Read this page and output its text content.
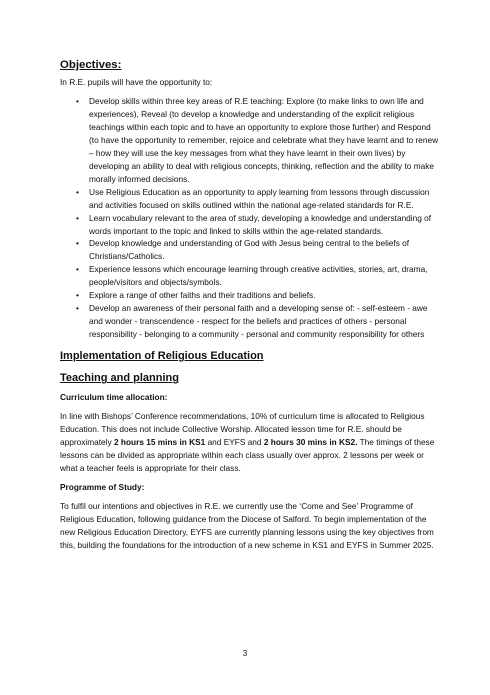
Objectives:
In R.E. pupils will have the opportunity to:
• Develop skills within three key areas of R.E teaching: Explore (to make links to own life and experiences), Reveal (to develop a knowledge and understanding of the explicit religious teachings within each topic and to have an opportunity to explore those further) and Respond (to have the opportunity to remember, rejoice and celebrate what they have learnt and to renew – how they will use the key messages from what they have learnt in their own lives) by developing an ability to deal with religious concepts, thinking, reflection and the ability to make morally informed decisions.
• Use Religious Education as an opportunity to apply learning from lessons through discussion and activities focused on skills outlined within the national age-related standards for R.E.
• Learn vocabulary relevant to the area of study, developing a knowledge and understanding of words important to the topic and linked to skills within the age-related standards.
• Develop knowledge and understanding of God with Jesus being central to the beliefs of Christians/Catholics.
• Experience lessons which encourage learning through creative activities, stories, art, drama, people/visitors and objects/symbols.
• Explore a range of other faiths and their traditions and beliefs.
• Develop an awareness of their personal faith and a developing sense of: - self-esteem - awe and wonder - transcendence - respect for the beliefs and practices of others - personal responsibility - belonging to a community - personal and community responsibility for others
Implementation of Religious Education
Teaching and planning
Curriculum time allocation:
In line with Bishops’ Conference recommendations, 10% of curriculum time is allocated to Religious Education. This does not include Collective Worship. Allocated lesson time for R.E. should be approximately 2 hours 15 mins in KS1 and EYFS and 2 hours 30 mins in KS2. The timings of these lessons can be divided as appropriate within each class usually over approx. 2 lessons per week or what a teacher feels is appropriate for their class.
Programme of Study:
To fulfil our intentions and objectives in R.E. we currently use the ‘Come and See’ Programme of Religious Education, following guidance from the Diocese of Salford. To begin implementation of the new Religious Education Directory, EYFS are currently planning lessons using the key objectives from this, building the foundations for the introduction of a new scheme in KS1 and EYFS in Summer 2025.
3
